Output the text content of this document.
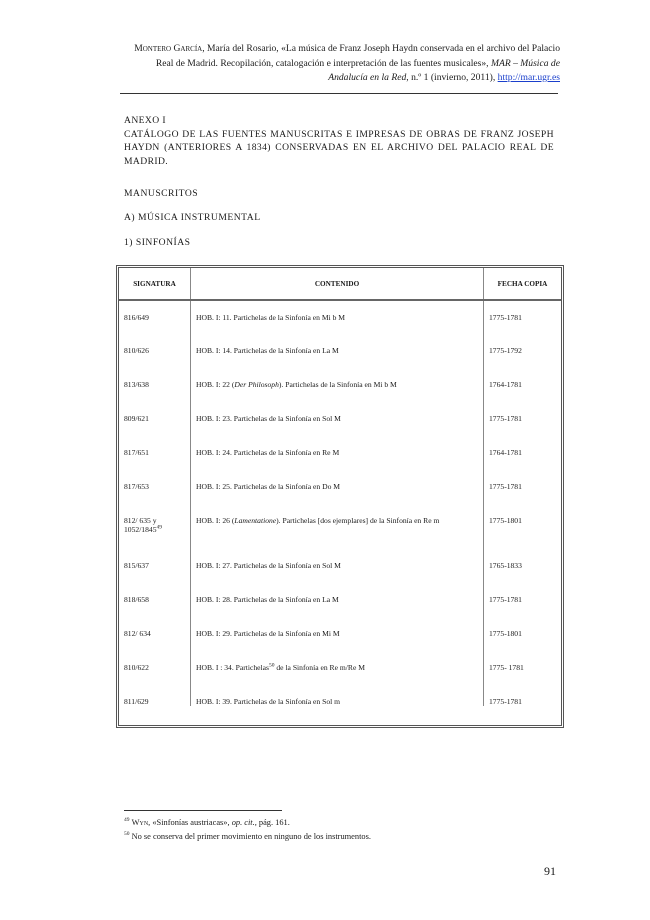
Montero García, María del Rosario, «La música de Franz Joseph Haydn conservada en el archivo del Palacio Real de Madrid. Recopilación, catalogación e interpretación de las fuentes musicales», MAR – Música de Andalucía en la Red, n.º 1 (invierno, 2011), http://mar.ugr.es
ANEXO I
CATÁLOGO DE LAS FUENTES MANUSCRITAS E IMPRESAS DE OBRAS DE FRANZ JOSEPH HAYDN (ANTERIORES A 1834) CONSERVADAS EN EL ARCHIVO DEL PALACIO REAL DE MADRID.
MANUSCRITOS
A) MÚSICA INSTRUMENTAL
1) SINFONÍAS
SIGNATURA	CONTENIDO	FECHA COPIA
816/649	HOB. I: 11. Partichelas de la Sinfonía en Mi b M	1775-1781
810/626	HOB. I: 14. Partichelas de la Sinfonía en La M	1775-1792
813/638	HOB. I: 22 (Der Philosoph). Partichelas de la Sinfonía en Mi b M	1764-1781
809/621	HOB. I: 23. Partichelas de la Sinfonía en Sol M	1775-1781
817/651	HOB. I: 24. Partichelas de la Sinfonía en Re M	1764-1781
817/653	HOB. I: 25. Partichelas de la Sinfonía en Do M	1775-1781
812/ 635 y 1052/1845$^{49}$	HOB. I: 26 (Lamentatione). Partichelas [dos ejemplares] de la Sinfonía en Re m	1775-1801
815/637	HOB. I: 27. Partichelas de la Sinfonía en Sol M	1765-1833
818/658	HOB. I: 28. Partichelas de la Sinfonía en La M	1775-1781
812/ 634	HOB. I: 29. Partichelas de la Sinfonía en Mi M	1775-1801
810/622	HOB. I : 34. Partichelas$^{50}$ de la Sinfonía en Re m/Re M	1775- 1781
811/629	HOB. I: 39. Partichelas de la Sinfonía en Sol m	1775-1781
$^{49}$ Wyn, «Sinfonías austriacas», op. cit., pág. 161.
$^{50}$ No se conserva del primer movimiento en ninguno de los instrumentos.
91
